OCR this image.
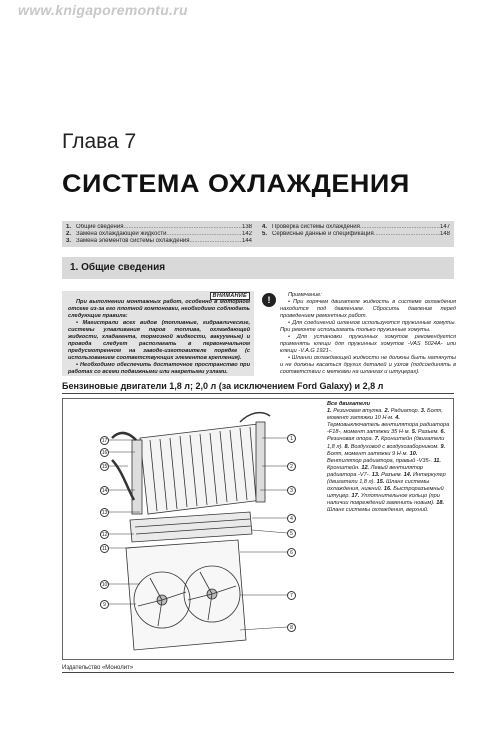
www.knigaporemontu.ru
Глава 7
СИСТЕМА ОХЛАЖДЕНИЯ
1. Общие сведения .....	138
2. Замена охлаждающей жидкости .....	142
3. Замена элементов системы охлаждения .....	144
4. Проверка системы охлаждения .....	147
5. Сервисные данные и спецификация .....	148
1. Общие сведения
ВНИМАНИЕ

При выполнении монтажных работ, особенно в моторном отсеке из-за его плотной компоновки, необходимо соблюдать следующие правила:

• Магистрали всех видов (топливные, гидравлические, системы улавливания паров топлива, охлаждающей жидкости, хладагента, тормозной жидкости, вакуумные) и провода следует располагать в первоначальном предусмотренном на заводе-изготовителе порядке (с использованием соответствующих элементов крепления).

• Необходимо обеспечить достаточное пространство при работах со всеми подвижными или нагретыми узлами.

!	Примечание:

• При горячем двигателе жидкость в системе охлаждения находится под давлением. Сбросить давление перед проведением ремонтных работ.

• Для соединений шлангов используются пружинные хомуты. При ремонте использовать только пружинные хомуты.

• Для установки пружинных хомутов рекомендуется применять клещи для пружинных хомутов -VAS 5024A- или клещи -V.A.G 1921-.

• Шланги охлаждающей жидкости не должны быть натянуты и не должны касаться других деталей и узлов (подсоединять в соответствии с метками на шлангах и штуцерах).

Бензиновые двигатели 1,8 л; 2,0 л (за исключением Ford Galaxy) и 2,8 л
17
16
15
14
13
12
11
10
9
1
2
3
4
5
6
7
8
Все двигатели
1. Резиновая втулка. 2. Радиатор. 3. Болт, момент затяжки 10 Н·м. 4. Термовыключатель вентилятора радиатора -F18-, момент затяжки 35 Н·м. 5. Разъем. 6. Резиновая опора. 7. Кронштейн (двигатели 1,8 л). 8. Воздуховод с воздухозаборником. 9. Болт, момент затяжки 9 Н·м. 10. Вентилятор радиатора, правый -V35-. 11. Кронштейн. 12. Левый вентилятор радиатора -V7-. 13. Разъем. 14. Интеркулер (двигатели 1,8 л). 15. Шланг системы охлаждения, нижний. 16. Быстроразъемный штуцер. 17. Уплотнительное кольцо (при наличии повреждений заменить новым). 18. Шланг системы охлаждения, верхний.
Издательство «Монолит»
